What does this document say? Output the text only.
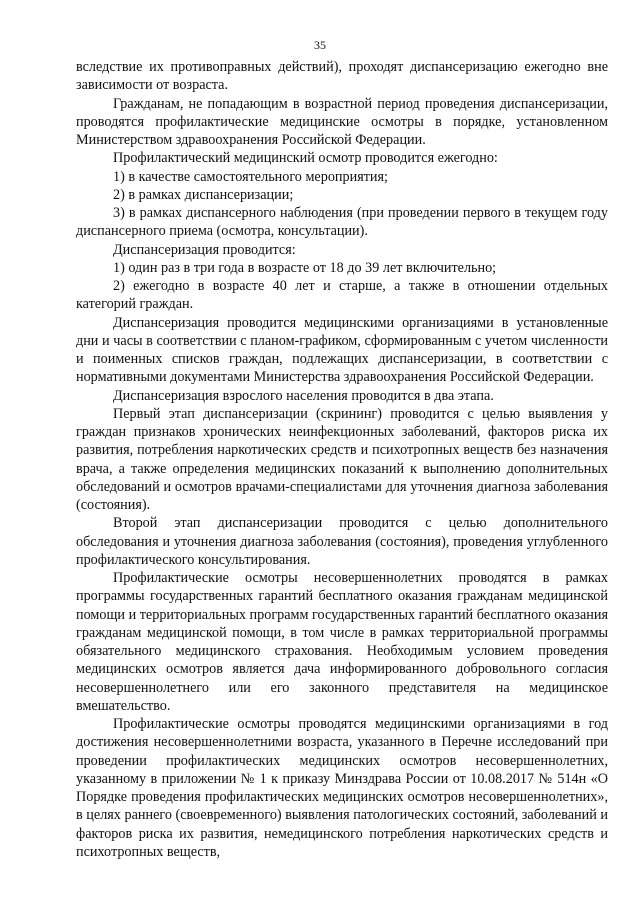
35

вследствие их противоправных действий), проходят диспансеризацию ежегодно вне зависимости от возраста.

Гражданам, не попадающим в возрастной период проведения диспансеризации, проводятся профилактические медицинские осмотры в порядке, установленном Министерством здравоохранения Российской Федерации.

Профилактический медицинский осмотр проводится ежегодно:

1) в качестве самостоятельного мероприятия;

2) в рамках диспансеризации;

3) в рамках диспансерного наблюдения (при проведении первого в текущем году диспансерного приема (осмотра, консультации).

Диспансеризация проводится:

1) один раз в три года в возрасте от 18 до 39 лет включительно;

2) ежегодно в возрасте 40 лет и старше, а также в отношении отдельных категорий граждан.

Диспансеризация проводится медицинскими организациями в установленные дни и часы в соответствии с планом-графиком, сформированным с учетом численности и поименных списков граждан, подлежащих диспансеризации, в соответствии с нормативными документами Министерства здравоохранения Российской Федерации.

Диспансеризация взрослого населения проводится в два этапа.

Первый этап диспансеризации (скрининг) проводится с целью выявления у граждан признаков хронических неинфекционных заболеваний, факторов риска их развития, потребления наркотических средств и психотропных веществ без назначения врача, а также определения медицинских показаний к выполнению дополнительных обследований и осмотров врачами-специалистами для уточнения диагноза заболевания (состояния).

Второй этап диспансеризации проводится с целью дополнительного обследования и уточнения диагноза заболевания (состояния), проведения углубленного профилактического консультирования.

Профилактические осмотры несовершеннолетних проводятся в рамках программы государственных гарантий бесплатного оказания гражданам медицинской помощи и территориальных программ государственных гарантий бесплатного оказания гражданам медицинской помощи, в том числе в рамках территориальной программы обязательного медицинского страхования. Необходимым условием проведения медицинских осмотров является дача информированного добровольного согласия несовершеннолетнего или его законного представителя на медицинское вмешательство.

Профилактические осмотры проводятся медицинскими организациями в год достижения несовершеннолетними возраста, указанного в Перечне исследований при проведении профилактических медицинских осмотров несовершеннолетних, указанному в приложении № 1 к приказу Минздрава России от 10.08.2017 № 514н «О Порядке проведения профилактических медицинских осмотров несовершеннолетних», в целях раннего (своевременного) выявления патологических состояний, заболеваний и факторов риска их развития, немедицинского потребления наркотических средств и психотропных веществ,
